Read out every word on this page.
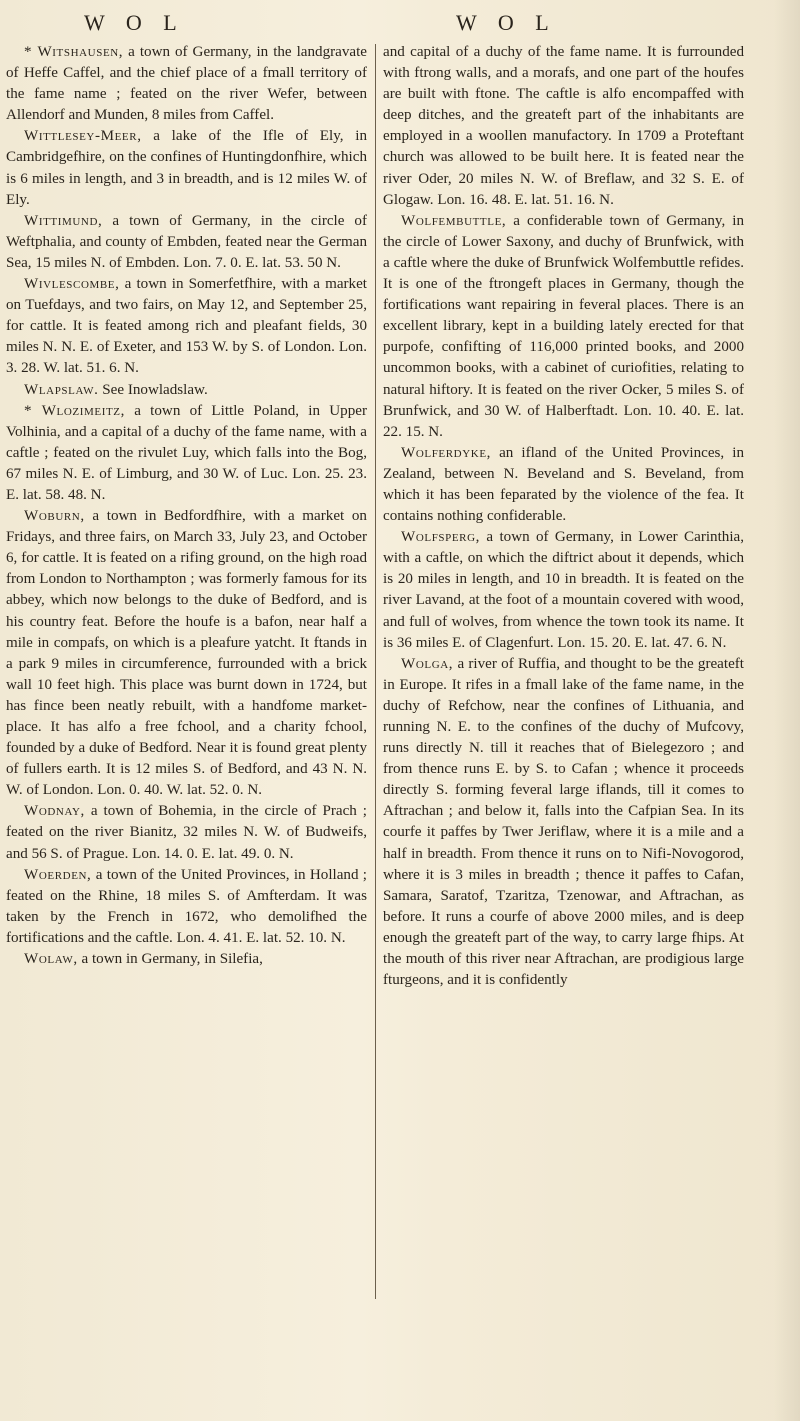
W O L	W O L

* Witshausen, a town of Germany, in the landgravate of Heffe Caffel, and the chief place of a fmall territory of the fame name ; feated on the river Wefer, between Allendorf and Munden, 8 miles from Caffel.

Wittlesey-Meer, a lake of the Ifle of Ely, in Cambridgefhire, on the confines of Huntingdonfhire, which is 6 miles in length, and 3 in breadth, and is 12 miles W. of Ely.

Wittimund, a town of Germany, in the circle of Weftphalia, and county of Embden, feated near the German Sea, 15 miles N. of Embden. Lon. 7. 0. E. lat. 53. 50 N.

Wivlescombe, a town in Somerfetfhire, with a market on Tuefdays, and two fairs, on May 12, and September 25, for cattle. It is feated among rich and pleafant fields, 30 miles N. N. E. of Exeter, and 153 W. by S. of London. Lon. 3. 28. W. lat. 51. 6. N.

Wlapslaw. See Inowladslaw.

* Wlozimeitz, a town of Little Poland, in Upper Volhinia, and a capital of a duchy of the fame name, with a caftle ; feated on the rivulet Luy, which falls into the Bog, 67 miles N. E. of Limburg, and 30 W. of Luc. Lon. 25. 23. E. lat. 58. 48. N.

Woburn, a town in Bedfordfhire, with a market on Fridays, and three fairs, on March 33, July 23, and October 6, for cattle. It is feated on a rifing ground, on the high road from London to Northampton ; was formerly famous for its abbey, which now belongs to the duke of Bedford, and is his country feat. Before the houfe is a bafon, near half a mile in compafs, on which is a pleafure yatcht. It ftands in a park 9 miles in circumference, furrounded with a brick wall 10 feet high. This place was burnt down in 1724, but has fince been neatly rebuilt, with a handfome market-place. It has alfo a free fchool, and a charity fchool, founded by a duke of Bedford. Near it is found great plenty of fullers earth. It is 12 miles S. of Bedford, and 43 N. N. W. of London. Lon. 0. 40. W. lat. 52. 0. N.

Wodnay, a town of Bohemia, in the circle of Prach ; feated on the river Bianitz, 32 miles N. W. of Budweifs, and 56 S. of Prague. Lon. 14. 0. E. lat. 49. 0. N.

Woerden, a town of the United Provinces, in Holland ; feated on the Rhine, 18 miles S. of Amfterdam. It was taken by the French in 1672, who demolifhed the fortifications and the caftle. Lon. 4. 41. E. lat. 52. 10. N.

Wolaw, a town in Germany, in Silefia,

and capital of a duchy of the fame name. It is furrounded with ftrong walls, and a morafs, and one part of the houfes are built with ftone. The caftle is alfo encompaffed with deep ditches, and the greateft part of the inhabitants are employed in a woollen manufactory. In 1709 a Proteftant church was allowed to be built here. It is feated near the river Oder, 20 miles N. W. of Breflaw, and 32 S. E. of Glogaw. Lon. 16. 48. E. lat. 51. 16. N.

Wolfembuttle, a confiderable town of Germany, in the circle of Lower Saxony, and duchy of Brunfwick, with a caftle where the duke of Brunfwick Wolfembuttle refides. It is one of the ftrongeft places in Germany, though the fortifications want repairing in feveral places. There is an excellent library, kept in a building lately erected for that purpofe, confifting of 116,000 printed books, and 2000 uncommon books, with a cabinet of curiofities, relating to natural hiftory. It is feated on the river Ocker, 5 miles S. of Brunfwick, and 30 W. of Halberftadt. Lon. 10. 40. E. lat. 22. 15. N.

Wolferdyke, an ifland of the United Provinces, in Zealand, between N. Beveland and S. Beveland, from which it has been feparated by the violence of the fea. It contains nothing confiderable.

Wolfsperg, a town of Germany, in Lower Carinthia, with a caftle, on which the diftrict about it depends, which is 20 miles in length, and 10 in breadth. It is feated on the river Lavand, at the foot of a mountain covered with wood, and full of wolves, from whence the town took its name. It is 36 miles E. of Clagenfurt. Lon. 15. 20. E. lat. 47. 6. N.

Wolga, a river of Ruffia, and thought to be the greateft in Europe. It rifes in a fmall lake of the fame name, in the duchy of Refchow, near the confines of Lithuania, and running N. E. to the confines of the duchy of Mufcovy, runs directly N. till it reaches that of Bielegezoro ; and from thence runs E. by S. to Cafan ; whence it proceeds directly S. forming feveral large iflands, till it comes to Aftrachan ; and below it, falls into the Cafpian Sea. In its courfe it paffes by Twer Jeriflaw, where it is a mile and a half in breadth. From thence it runs on to Nifi-Novogorod, where it is 3 miles in breadth ; thence it paffes to Cafan, Samara, Saratof, Tzaritza, Tzenowar, and Aftrachan, as before. It runs a courfe of above 2000 miles, and is deep enough the greateft part of the way, to carry large fhips. At the mouth of this river near Aftrachan, are prodigious large fturgeons, and it is confidently
